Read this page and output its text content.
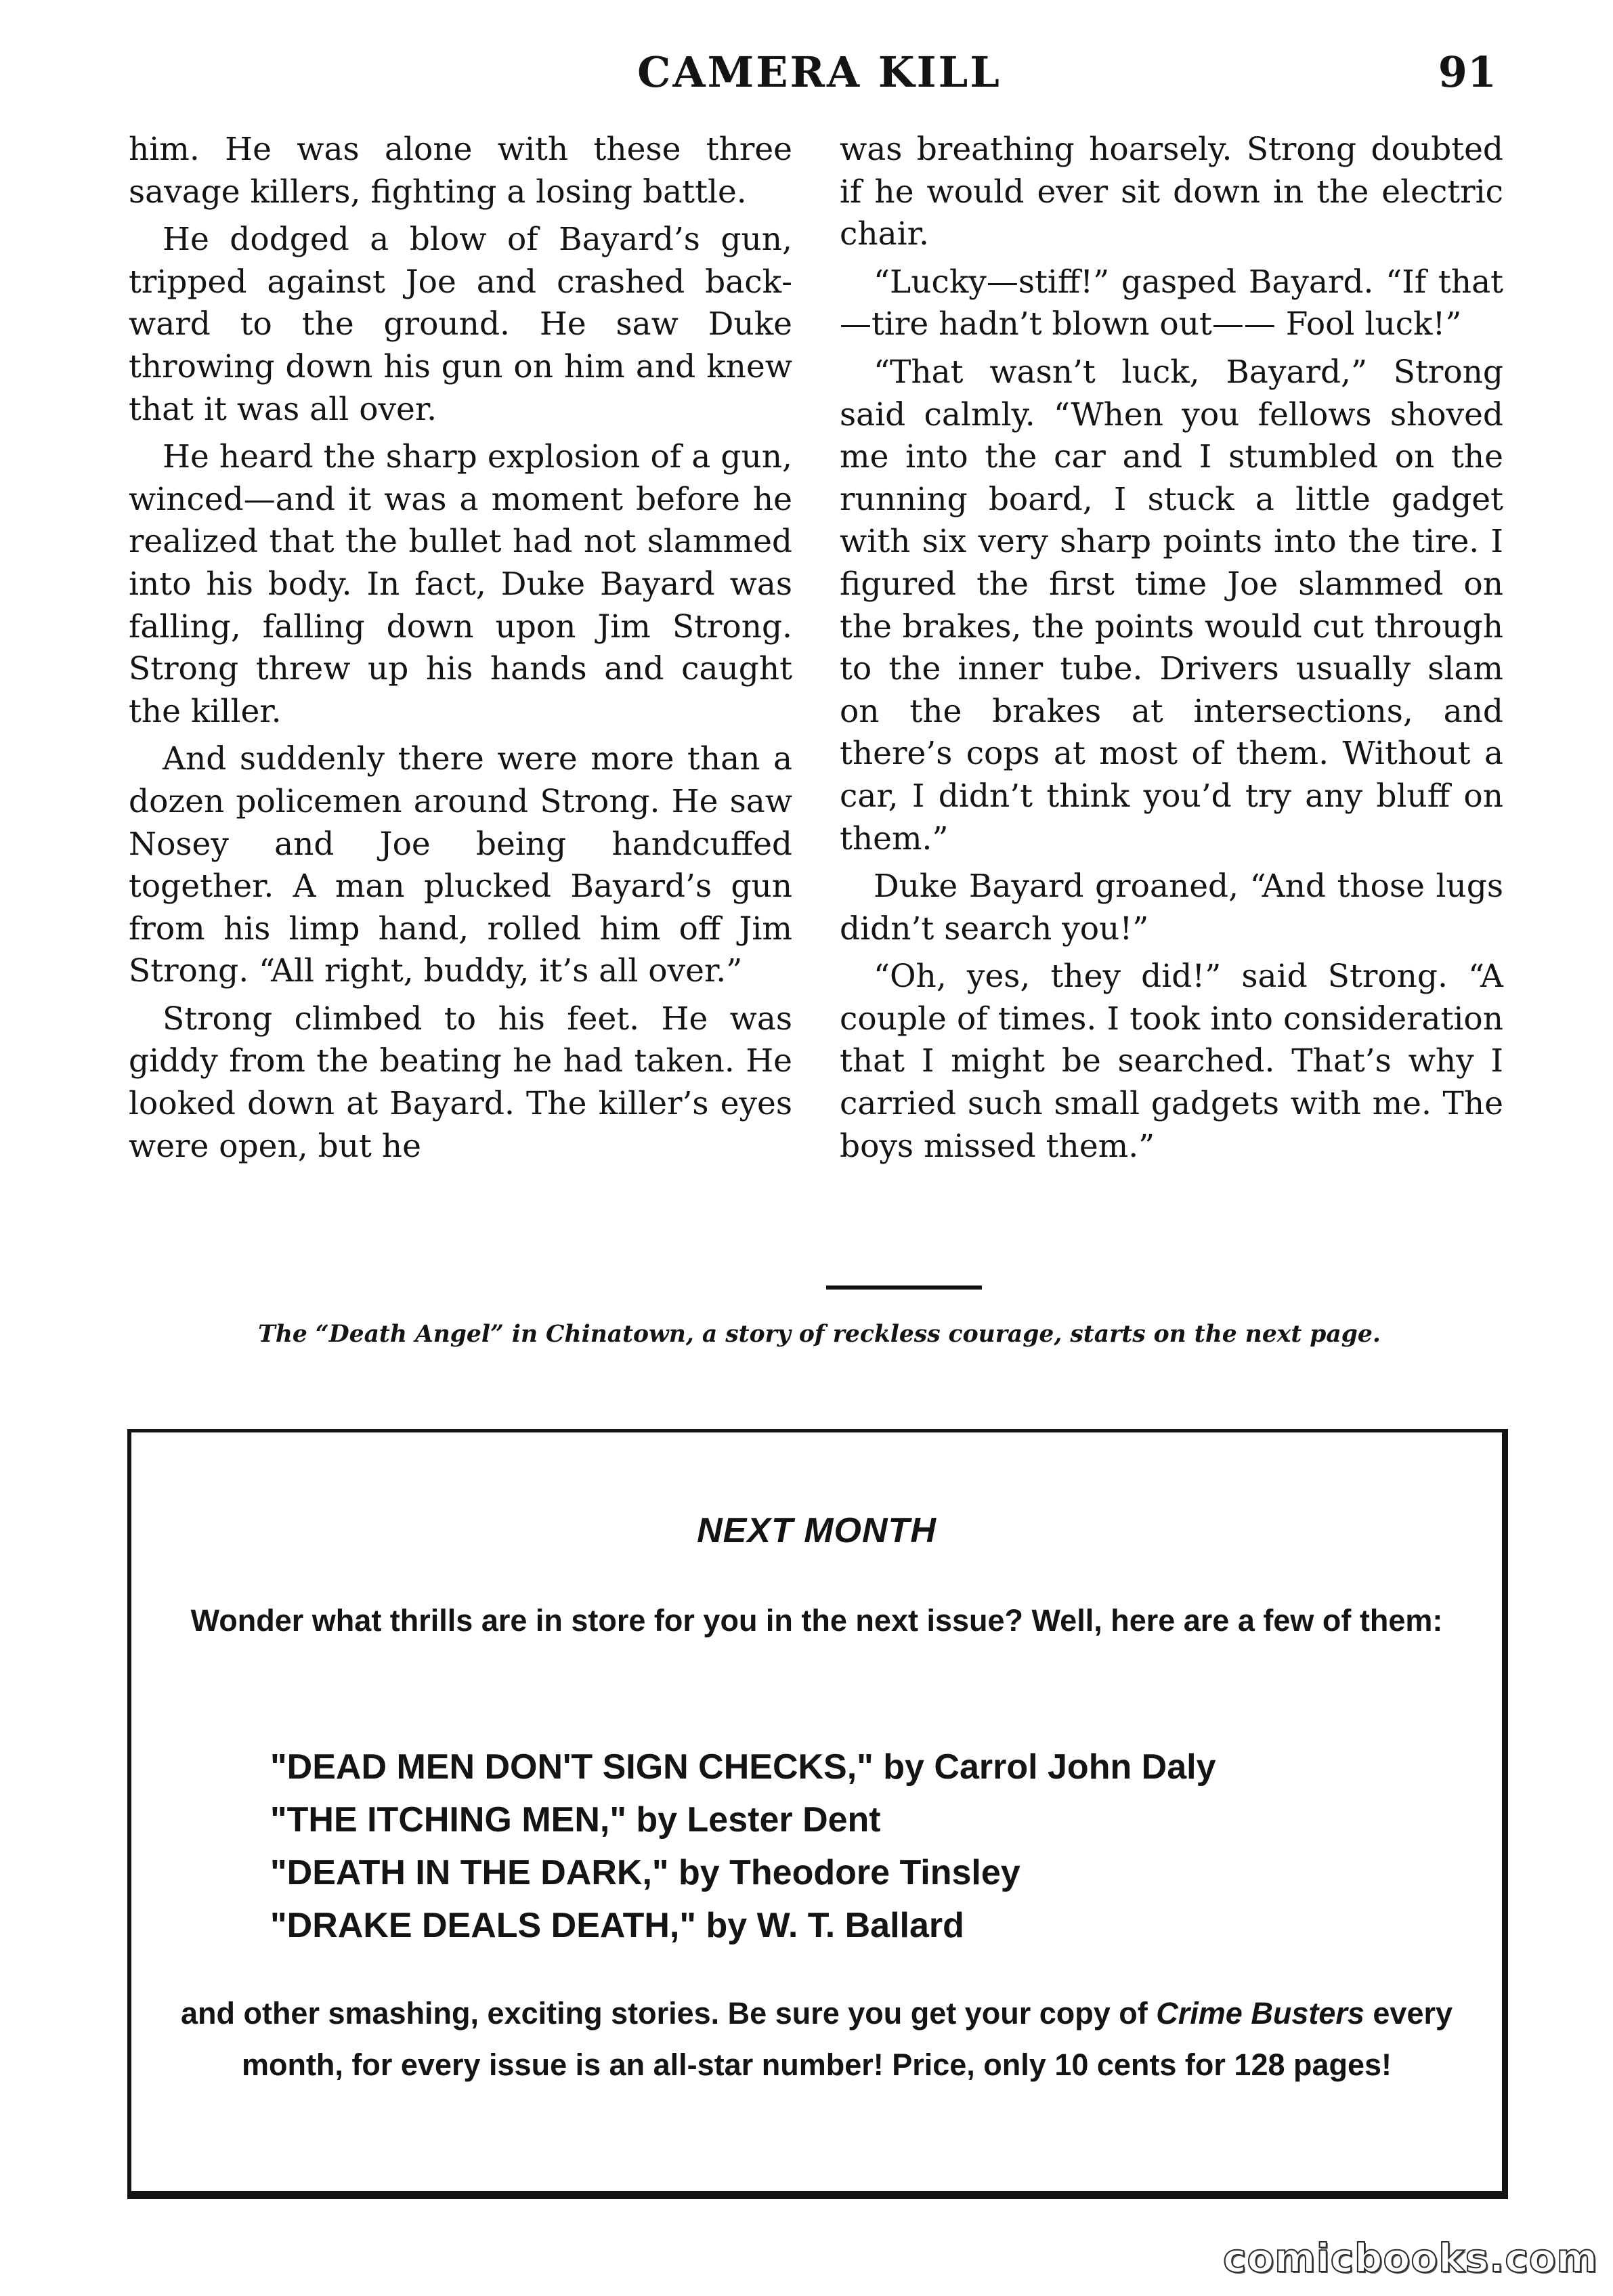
CAMERA KILL	91

him. He was alone with these three savage killers, fighting a losing battle.

He dodged a blow of Bayard’s gun, tripped against Joe and crashed backward to the ground. He saw Duke throwing down his gun on him and knew that it was all over.

He heard the sharp explosion of a gun, winced—and it was a moment before he realized that the bullet had not slammed into his body. In fact, Duke Bayard was falling, falling down upon Jim Strong. Strong threw up his hands and caught the killer.

And suddenly there were more than a dozen policemen around Strong. He saw Nosey and Joe being handcuffed together. A man plucked Bayard’s gun from his limp hand, rolled him off Jim Strong. “All right, buddy, it’s all over.”

Strong climbed to his feet. He was giddy from the beating he had taken. He looked down at Bayard. The killer’s eyes were open, but he

was breathing hoarsely. Strong doubted if he would ever sit down in the electric chair.

“Lucky—stiff!” gasped Bayard. “If that—tire hadn’t blown out—— Fool luck!”

“That wasn’t luck, Bayard,” Strong said calmly. “When you fellows shoved me into the car and I stumbled on the running board, I stuck a little gadget with six very sharp points into the tire. I figured the first time Joe slammed on the brakes, the points would cut through to the inner tube. Drivers usually slam on the brakes at intersections, and there’s cops at most of them. Without a car, I didn’t think you’d try any bluff on them.”

Duke Bayard groaned, “And those lugs didn’t search you!”

“Oh, yes, they did!” said Strong. “A couple of times. I took into consideration that I might be searched. That’s why I carried such small gadgets with me. The boys missed them.”

The “Death Angel” in Chinatown, a story of reckless courage, starts on the next page.
NEXT MONTH
Wonder what thrills are in store for you in the next issue? Well, here are a few of them:
"DEAD MEN DON'T SIGN CHECKS," by Carrol John Daly
"THE ITCHING MEN," by Lester Dent
"DEATH IN THE DARK," by Theodore Tinsley
"DRAKE DEALS DEATH," by W. T. Ballard
and other smashing, exciting stories. Be sure you get your copy of Crime Busters every month, for every issue is an all-star number! Price, only 10 cents for 128 pages!
comicbooks.com
